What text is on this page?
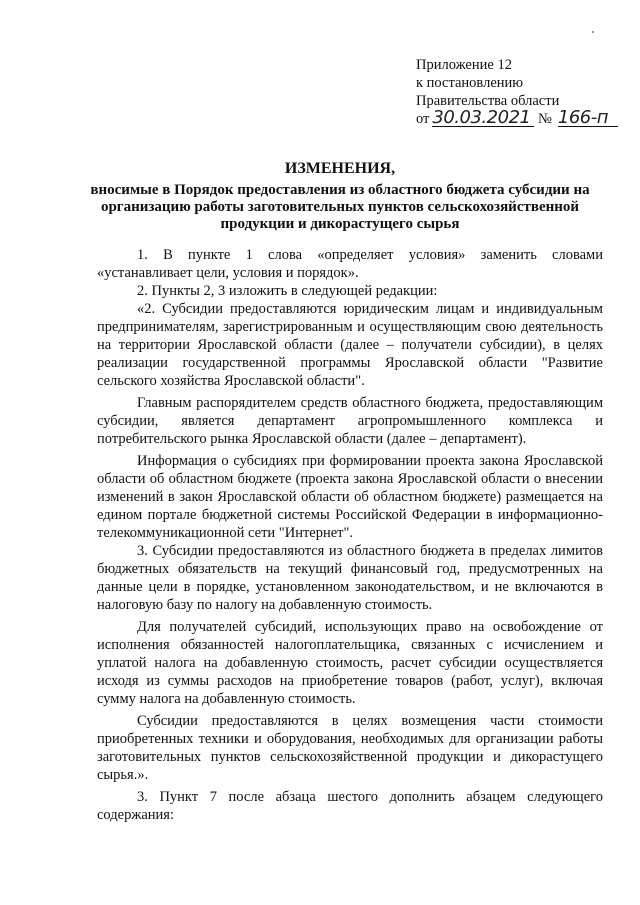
Приложение 12
к постановлению
Правительства области
от 30.03.2021 № 166-п
ИЗМЕНЕНИЯ,
вносимые в Порядок предоставления из областного бюджета субсидии на организацию работы заготовительных пунктов сельскохозяйственной продукции и дикорастущего сырья

1. В пункте 1 слова «определяет условия» заменить словами «устанавливает цели, условия и порядок».

2. Пункты 2, 3 изложить в следующей редакции:

«2. Субсидии предоставляются юридическим лицам и индивидуальным предпринимателям, зарегистрированным и осуществляющим свою деятельность на территории Ярославской области (далее – получатели субсидии), в целях реализации государственной программы Ярославской области "Развитие сельского хозяйства Ярославской области".

Главным распорядителем средств областного бюджета, предоставляющим субсидии, является департамент агропромышленного комплекса и потребительского рынка Ярославской области (далее – департамент).

Информация о субсидиях при формировании проекта закона Ярославской области об областном бюджете (проекта закона Ярославской области о внесении изменений в закон Ярославской области об областном бюджете) размещается на едином портале бюджетной системы Российской Федерации в информационно-телекоммуникационной сети "Интернет".

3. Субсидии предоставляются из областного бюджета в пределах лимитов бюджетных обязательств на текущий финансовый год, предусмотренных на данные цели в порядке, установленном законодательством, и не включаются в налоговую базу по налогу на добавленную стоимость.

Для получателей субсидий, использующих право на освобождение от исполнения обязанностей налогоплательщика, связанных с исчислением и уплатой налога на добавленную стоимость, расчет субсидии осуществляется исходя из суммы расходов на приобретение товаров (работ, услуг), включая сумму налога на добавленную стоимость.

Субсидии предоставляются в целях возмещения части стоимости приобретенных техники и оборудования, необходимых для организации работы заготовительных пунктов сельскохозяйственной продукции и дикорастущего сырья.».

3. Пункт 7 после абзаца шестого дополнить абзацем следующего содержания:
